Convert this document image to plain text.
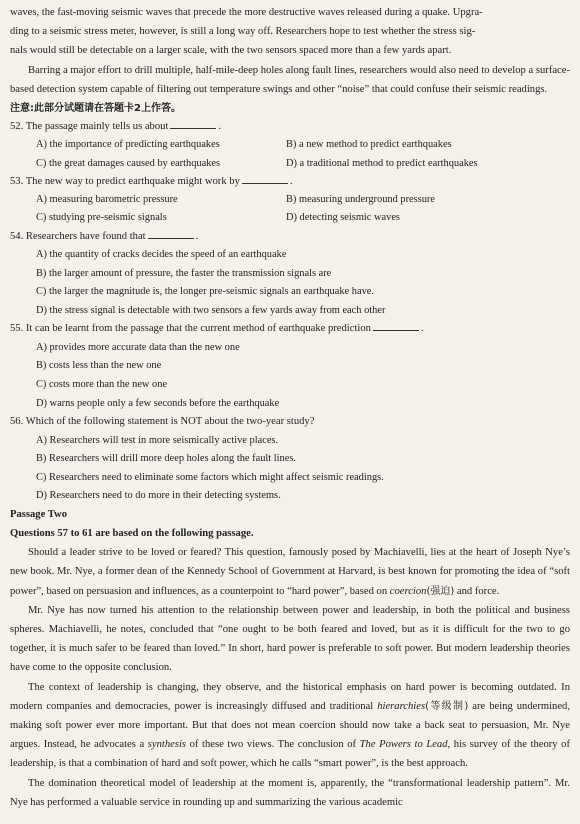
waves, the fast-moving seismic waves that precede the more destructive waves released during a quake. Upgra-

ding to a seismic stress meter, however, is still a long way off. Researchers hope to test whether the stress sig-

nals would still be detectable on a larger scale, with the two sensors spaced more than a few yards apart.

Barring a major effort to drill multiple, half-mile-deep holes along fault lines, researchers would also need to develop a surface-based detection system capable of filtering out temperature swings and other “noise” that could confuse their seismic readings.

注意:此部分试题请在答题卡2上作答。
52. The passage mainly tells us about	.
A) the importance of predicting earthquakes	B) a new method to predict earthquakes
C) the great damages caused by earthquakes	D) a traditional method to predict earthquakes
53. The new way to predict earthquake might work by	.
A) measuring barometric pressure	B) measuring underground pressure
C) studying pre-seismic signals	D) detecting seismic waves
54. Researchers have found that	.
A) the quantity of cracks decides the speed of an earthquake
B) the larger amount of pressure, the faster the transmission signals are
C) the larger the magnitude is, the longer pre-seismic signals an earthquake have.
D) the stress signal is detectable with two sensors a few yards away from each other
55. It can be learnt from the passage that the current method of earthquake prediction	.
A) provides more accurate data than the new one
B) costs less than the new one
C) costs more than the new one
D) warns people only a few seconds before the earthquake
56. Which of the following statement is NOT about the two-year study?
A) Researchers will test in more seismically active places.
B) Researchers will drill more deep holes along the fault lines.
C) Researchers need to eliminate some factors which might affect seismic readings.
D) Researchers need to do more in their detecting systems.
Passage Two
Questions 57 to 61 are based on the following passage.

Should a leader strive to be loved or feared? This question, famously posed by Machiavelli, lies at the heart of Joseph Nye’s new book. Mr. Nye, a former dean of the Kennedy School of Government at Harvard, is best known for promoting the idea of “soft power”, based on persuasion and influences, as a counterpoint to “hard power”, based on coercion(强迫) and force.

Mr. Nye has now turned his attention to the relationship between power and leadership, in both the political and business spheres. Machiavelli, he notes, concluded that “one ought to be both feared and loved, but as it is difficult for the two to go together, it is much safer to be feared than loved.” In short, hard power is preferable to soft power. But modern leadership theories have come to the opposite conclusion.

The context of leadership is changing, they observe, and the historical emphasis on hard power is becoming outdated. In modern companies and democracies, power is increasingly diffused and traditional hierarchies(等级制) are being undermined, making soft power ever more important. But that does not mean coercion should now take a back seat to persuasion, Mr. Nye argues. Instead, he advocates a synthesis of these two views. The conclusion of The Powers to Lead, his survey of the theory of leadership, is that a combination of hard and soft power, which he calls “smart power”, is the best approach.

The domination theoretical model of leadership at the moment is, apparently, the “transformational leadership pattern”. Mr. Nye has performed a valuable service in rounding up and summarizing the various academic
